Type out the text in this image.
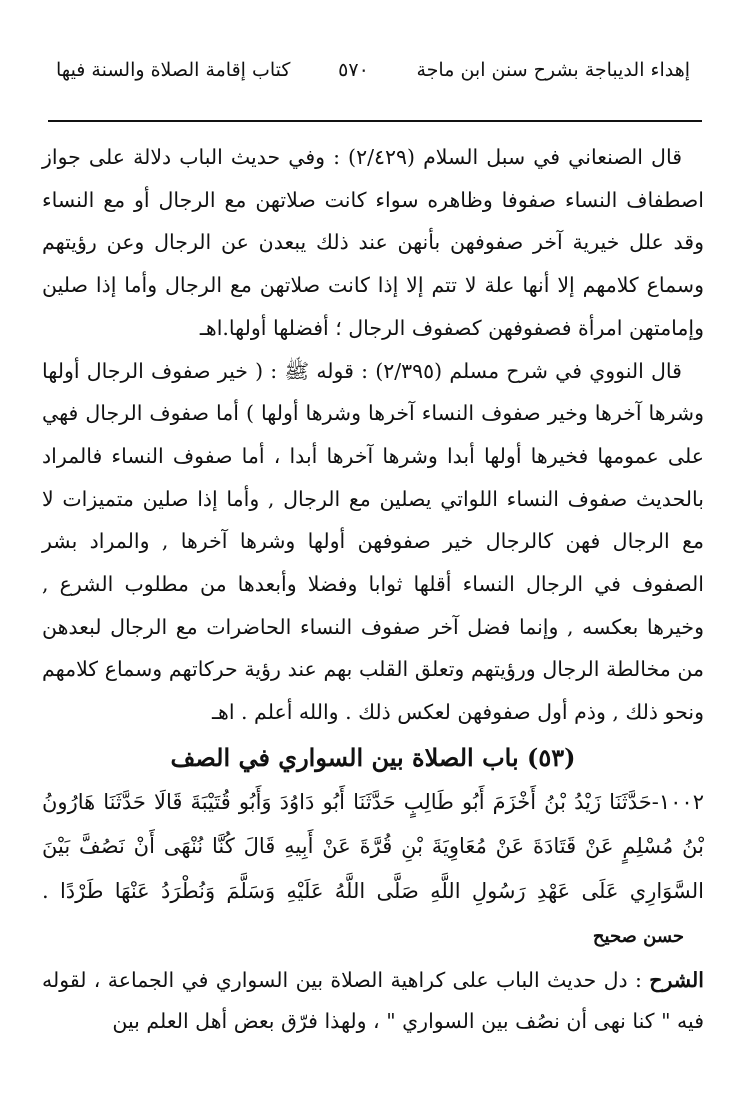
إهداء الديباجة بشرح سنن ابن ماجة
٥٧٠
كتاب إقامة الصلاة والسنة فيها

قال الصنعاني في سبل السلام (٢/٤٢٩) : وفي حديث الباب دلالة على جواز اصطفاف النساء صفوفا وظاهره سواء كانت صلاتهن مع الرجال أو مع النساء وقد علل خيرية آخر صفوفهن بأنهن عند ذلك يبعدن عن الرجال وعن رؤيتهم وسماع كلامهم إلا أنها علة لا تتم إلا إذا كانت صلاتهن مع الرجال وأما إذا صلين وإمامتهن امرأة فصفوفهن كصفوف الرجال ؛ أفضلها أولها.اهـ

قال النووي في شرح مسلم (٢/٣٩٥) : قوله ﷺ : ( خير صفوف الرجال أولها وشرها آخرها وخير صفوف النساء آخرها وشرها أولها ) أما صفوف الرجال فهي على عمومها فخيرها أولها أبدا وشرها آخرها أبدا ، أما صفوف النساء فالمراد بالحديث صفوف النساء اللواتي يصلين مع الرجال , وأما إذا صلين متميزات لا مع الرجال فهن كالرجال خير صفوفهن أولها وشرها آخرها , والمراد بشر الصفوف في الرجال النساء أقلها ثوابا وفضلا وأبعدها من مطلوب الشرع , وخيرها بعكسه , وإنما فضل آخر صفوف النساء الحاضرات مع الرجال لبعدهن من مخالطة الرجال ورؤيتهم وتعلق القلب بهم عند رؤية حركاتهم وسماع كلامهم ونحو ذلك , وذم أول صفوفهن لعكس ذلك . والله أعلم . اهـ

(٥٣) باب الصلاة بين السواري في الصف

١٠٠٢-حَدَّثَنَا زَيْدُ بْنُ أَخْزَمَ أَبُو طَالِبٍ حَدَّثَنَا أَبُو دَاوُدَ وَأَبُو قُتَيْبَةَ قَالَا حَدَّثَنَا هَارُونُ بْنُ مُسْلِمٍ عَنْ قَتَادَةَ عَنْ مُعَاوِيَةَ بْنِ قُرَّةَ عَنْ أَبِيهِ قَالَ كُنَّا نُنْهَى أَنْ نَصُفَّ بَيْنَ السَّوَارِي عَلَى عَهْدِ رَسُولِ اللَّهِ صَلَّى اللَّهُ عَلَيْهِ وَسَلَّمَ وَنُطْرَدُ عَنْهَا طَرْدًا . حسن صحيح

الشرح : دل حديث الباب على كراهية الصلاة بين السواري في الجماعة ، لقوله فيه " كنا نهى أن نصُف بين السواري " ، ولهذا فرّق بعض أهل العلم بين
